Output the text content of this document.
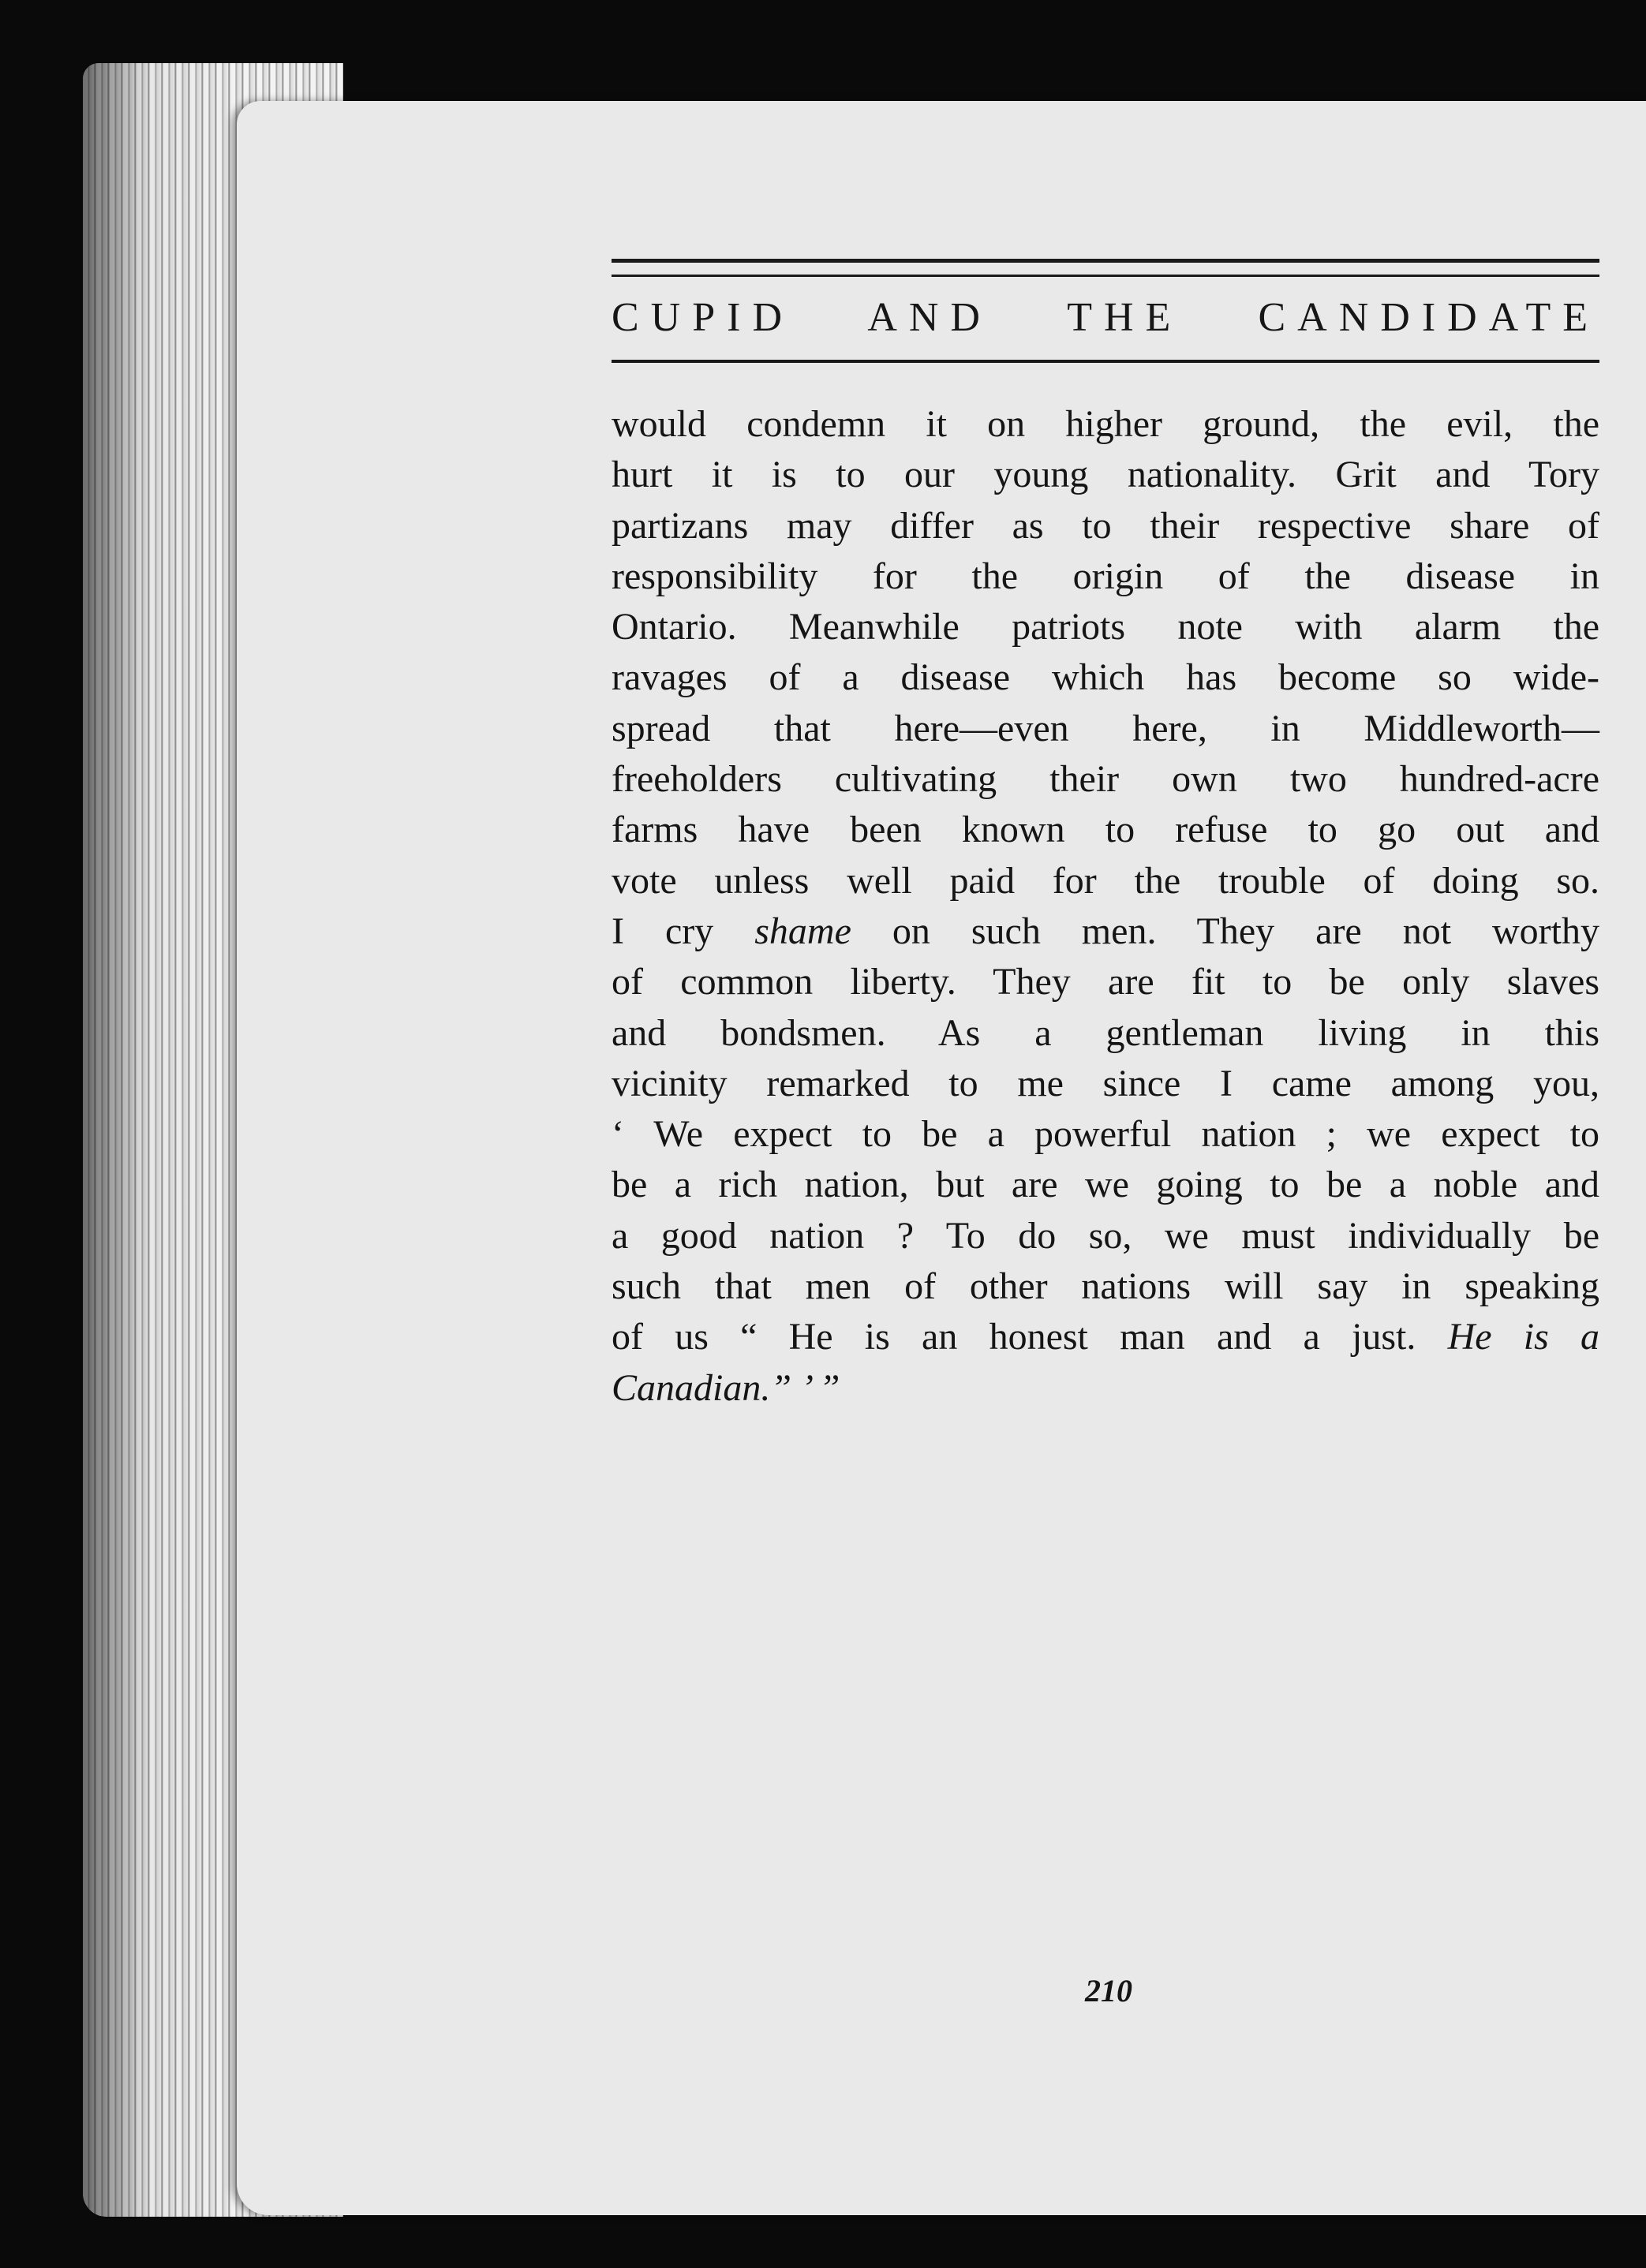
CUPID AND THE CANDIDATE
would condemn it on higher ground, the evil, the
hurt it is to our young nationality. Grit and Tory
partizans may differ as to their respective share of
responsibility for the origin of the disease in
Ontario. Meanwhile patriots note with alarm the
ravages of a disease which has become so wide-
spread that here—even here, in Middleworth—
freeholders cultivating their own two hundred-acre
farms have been known to refuse to go out and
vote unless well paid for the trouble of doing so.
I cry shame on such men. They are not worthy
of common liberty. They are fit to be only slaves
and bondsmen. As a gentleman living in this
vicinity remarked to me since I came among you,
‘ We expect to be a powerful nation ; we expect to
be a rich nation, but are we going to be a noble and
a good nation ? To do so, we must individually be
such that men of other nations will say in speaking
of us “ He is an honest man and a just. He is a
Canadian.” ’ ”
210
